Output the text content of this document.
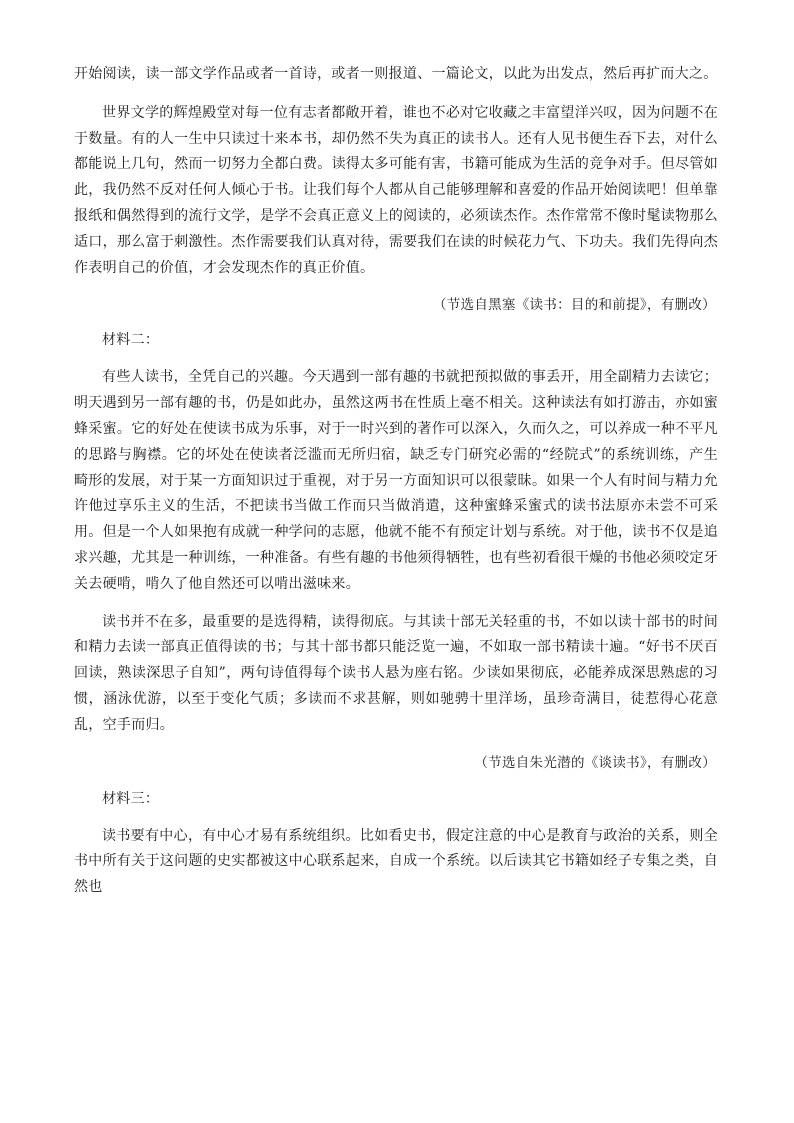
开始阅读，读一部文学作品或者一首诗，或者一则报道、一篇论文，以此为出发点，然后再扩而大之。

世界文学的辉煌殿堂对每一位有志者都敞开着，谁也不必对它收藏之丰富望洋兴叹，因为问题不在于数量。有的人一生中只读过十来本书，却仍然不失为真正的读书人。还有人见书便生吞下去，对什么都能说上几句，然而一切努力全都白费。读得太多可能有害，书籍可能成为生活的竞争对手。但尽管如此，我仍然不反对任何人倾心于书。让我们每个人都从自己能够理解和喜爱的作品开始阅读吧！但单靠报纸和偶然得到的流行文学，是学不会真正意义上的阅读的，必须读杰作。杰作常常不像时髦读物那么适口，那么富于刺激性。杰作需要我们认真对待，需要我们在读的时候花力气、下功夫。我们先得向杰作表明自己的价值，才会发现杰作的真正价值。

（节选自黑塞《读书：目的和前提》，有删改）

材料二：

有些人读书，全凭自己的兴趣。今天遇到一部有趣的书就把预拟做的事丢开，用全副精力去读它；明天遇到另一部有趣的书，仍是如此办，虽然这两书在性质上毫不相关。这种读法有如打游击，亦如蜜蜂采蜜。它的好处在使读书成为乐事，对于一时兴到的著作可以深入，久而久之，可以养成一种不平凡的思路与胸襟。它的坏处在使读者泛滥而无所归宿，缺乏专门研究必需的“经院式”的系统训练，产生畸形的发展，对于某一方面知识过于重视，对于另一方面知识可以很蒙昧。如果一个人有时间与精力允许他过享乐主义的生活，不把读书当做工作而只当做消遣，这种蜜蜂采蜜式的读书法原亦未尝不可采用。但是一个人如果抱有成就一种学问的志愿，他就不能不有预定计划与系统。对于他，读书不仅是追求兴趣，尤其是一种训练，一种准备。有些有趣的书他须得牺牲，也有些初看很干燥的书他必须咬定牙关去硬啃，啃久了他自然还可以啃出滋味来。

读书并不在多，最重要的是选得精，读得彻底。与其读十部无关轻重的书，不如以读十部书的时间和精力去读一部真正值得读的书；与其十部书都只能泛览一遍，不如取一部书精读十遍。“好书不厌百回读，熟读深思子自知”，两句诗值得每个读书人悬为座右铭。少读如果彻底，必能养成深思熟虑的习惯，涵泳优游，以至于变化气质；多读而不求甚解，则如驰骋十里洋场，虽珍奇满目，徒惹得心花意乱，空手而归。

（节选自朱光潜的《谈读书》，有删改）

材料三：

读书要有中心，有中心才易有系统组织。比如看史书，假定注意的中心是教育与政治的关系，则全书中所有关于这问题的史实都被这中心联系起来，自成一个系统。以后读其它书籍如经子专集之类，自然也
